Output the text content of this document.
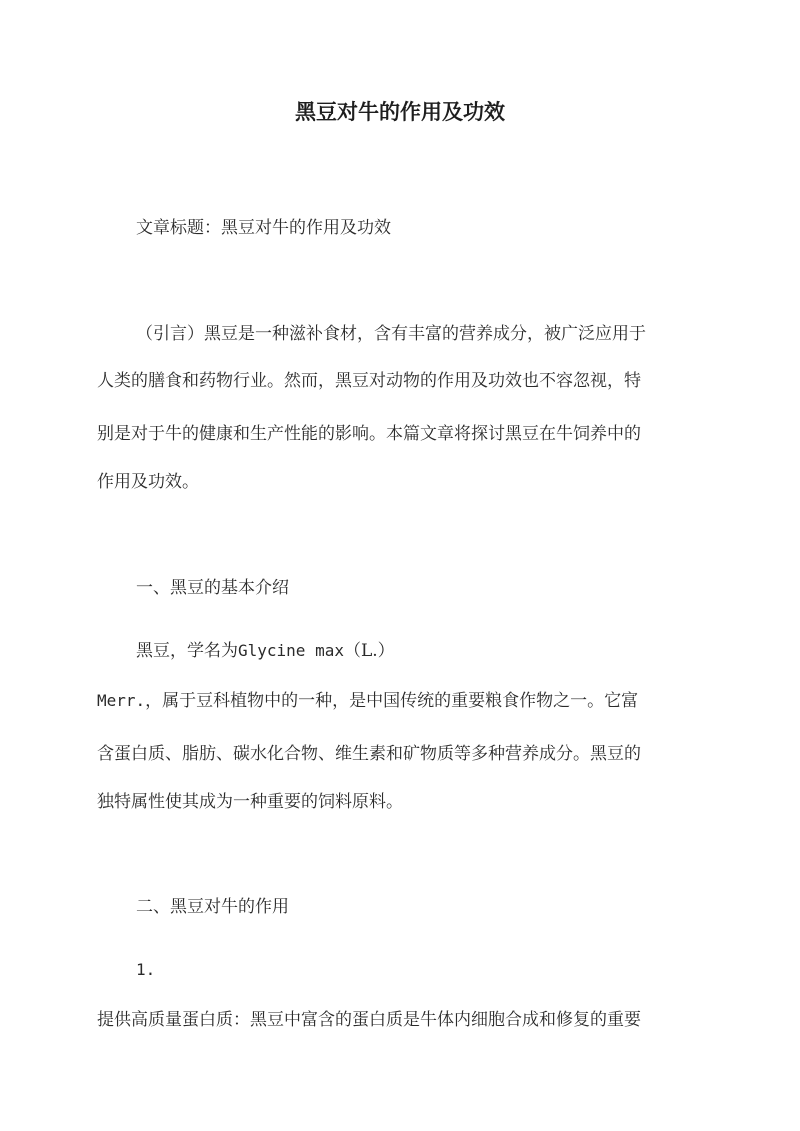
黑豆对牛的作用及功效
文章标题：黑豆对牛的作用及功效
（引言）黑豆是一种滋补食材，含有丰富的营养成分，被广泛应用于
人类的膳食和药物行业。然而，黑豆对动物的作用及功效也不容忽视，特
别是对于牛的健康和生产性能的影响。本篇文章将探讨黑豆在牛饲养中的
作用及功效。
一、黑豆的基本介绍
黑豆，学名为Glycine max（L.）
Merr.，属于豆科植物中的一种，是中国传统的重要粮食作物之一。它富
含蛋白质、脂肪、碳水化合物、维生素和矿物质等多种营养成分。黑豆的
独特属性使其成为一种重要的饲料原料。
二、黑豆对牛的作用
1.
提供高质量蛋白质：黑豆中富含的蛋白质是牛体内细胞合成和修复的重要
